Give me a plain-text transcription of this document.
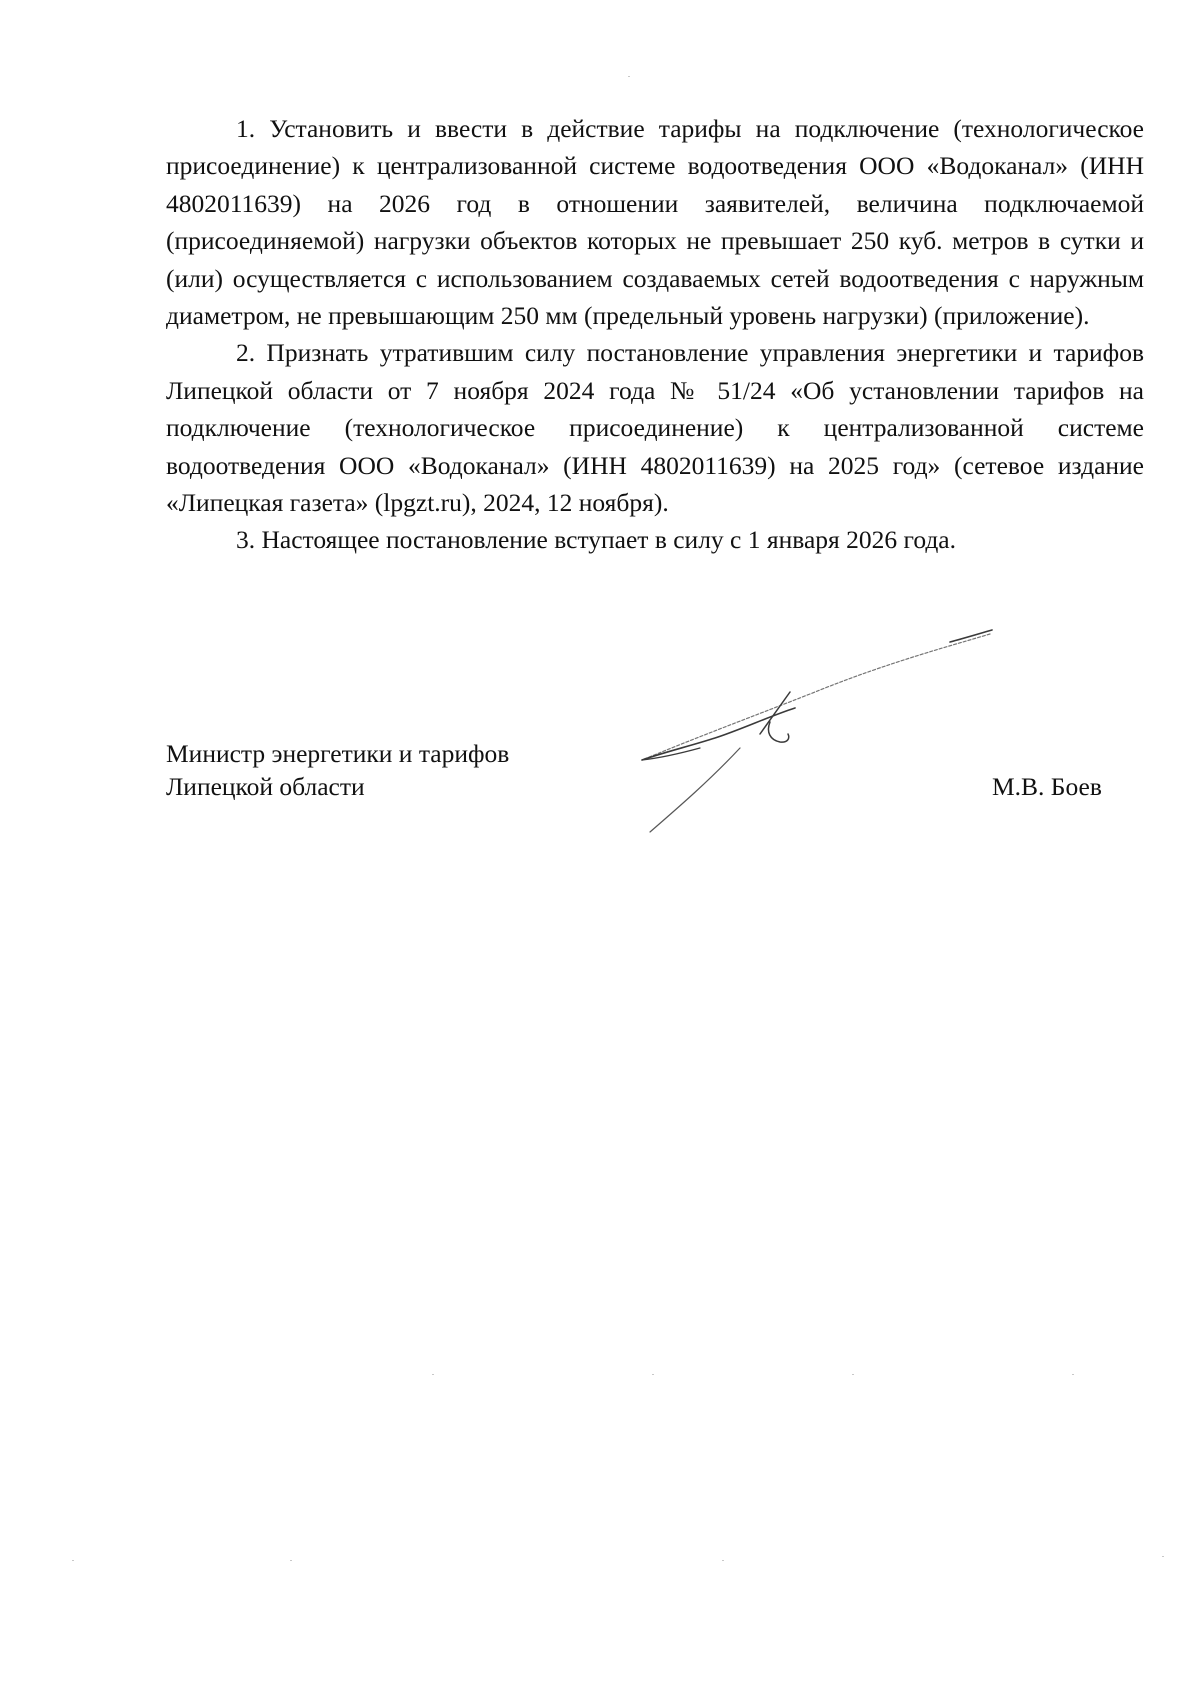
1. Установить и ввести в действие тарифы на подключение (технологическое присоединение) к централизованной системе водоотведения ООО «Водоканал» (ИНН 4802011639) на 2026 год в отношении заявителей, величина подключаемой (присоединяемой) нагрузки объектов которых не превышает 250 куб. метров в сутки и (или) осуществляется с использованием создаваемых сетей водоотведения с наружным диаметром, не превышающим 250 мм (предельный уровень нагрузки) (приложение).

2. Признать утратившим силу постановление управления энергетики и тарифов Липецкой области от 7 ноября 2024 года № 51/24 «Об установлении тарифов на подключение (технологическое присоединение) к централизованной системе водоотведения ООО «Водоканал» (ИНН 4802011639) на 2025 год» (сетевое издание «Липецкая газета» (lpgzt.ru), 2024, 12 ноября).

3. Настоящее постановление вступает в силу с 1 января 2026 года.

Министр энергетики и тарифов
Липецкой области	М.В. Боев
